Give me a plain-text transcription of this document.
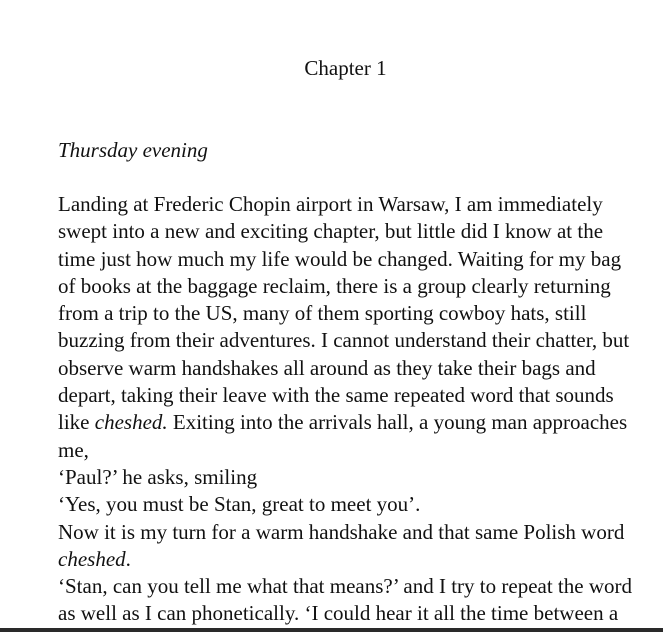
Chapter 1

Thursday evening

Landing at Frederic Chopin airport in Warsaw, I am immediately
swept into a new and exciting chapter, but little did I know at the
time just how much my life would be changed. Waiting for my bag
of books at the baggage reclaim, there is a group clearly returning
from a trip to the US, many of them sporting cowboy hats, still
buzzing from their adventures. I cannot understand their chatter, but
observe warm handshakes all around as they take their bags and
depart, taking their leave with the same repeated word that sounds
like cheshed. Exiting into the arrivals hall, a young man approaches
me,
‘Paul?’ he asks, smiling
‘Yes, you must be Stan, great to meet you’.
Now it is my turn for a warm handshake and that same Polish word
cheshed.
‘Stan, can you tell me what that means?’ and I try to repeat the word
as well as I can phonetically. ‘I could hear it all the time between a
